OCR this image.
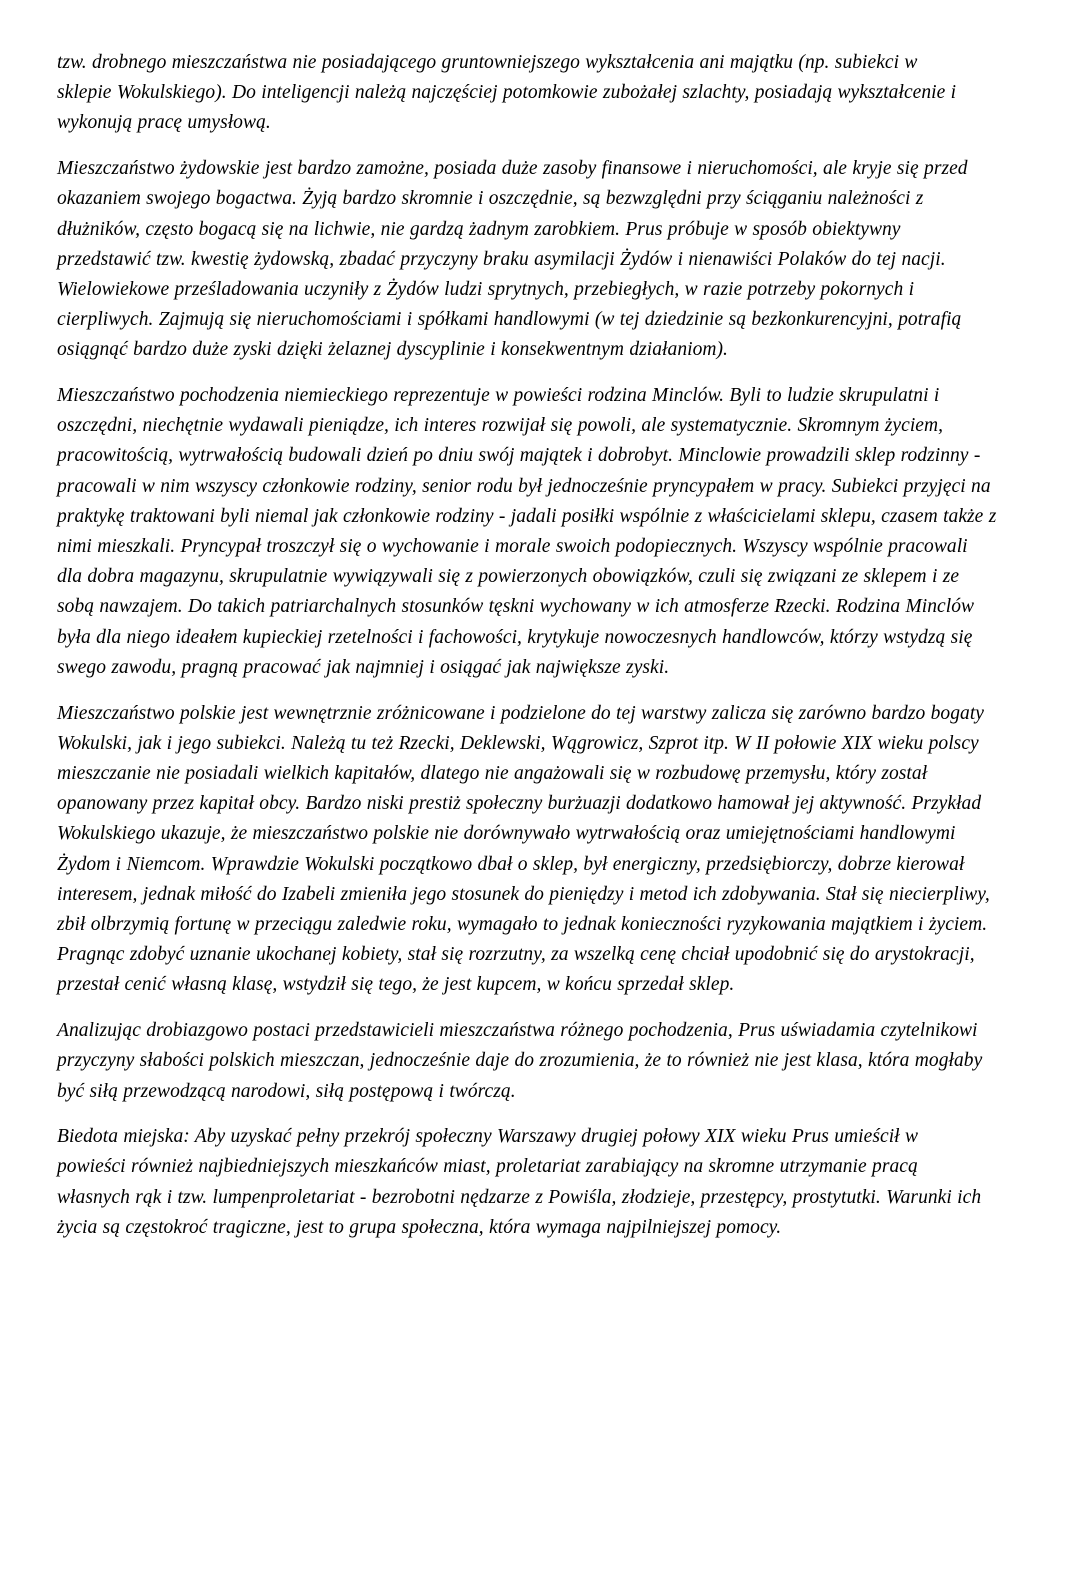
tzw. drobnego mieszczaństwa nie posiadającego gruntowniejszego wykształcenia ani majątku (np. subiekci w sklepie Wokulskiego). Do inteligencji należą najczęściej potomkowie zubożałej szlachty, posiadają wykształcenie i wykonują pracę umysłową.

Mieszczaństwo żydowskie jest bardzo zamożne, posiada duże zasoby finansowe i nieruchomości, ale kryje się przed okazaniem swojego bogactwa. Żyją bardzo skromnie i oszczędnie, są bezwzględni przy ściąganiu należności z dłużników, często bogacą się na lichwie, nie gardzą żadnym zarobkiem. Prus próbuje w sposób obiektywny przedstawić tzw. kwestię żydowską, zbadać przyczyny braku asymilacji Żydów i nienawiści Polaków do tej nacji. Wielowiekowe prześladowania uczyniły z Żydów ludzi sprytnych, przebiegłych, w razie potrzeby pokornych i cierpliwych. Zajmują się nieruchomościami i spółkami handlowymi (w tej dziedzinie są bezkonkurencyjni, potrafią osiągnąć bardzo duże zyski dzięki żelaznej dyscyplinie i konsekwentnym działaniom).

Mieszczaństwo pochodzenia niemieckiego reprezentuje w powieści rodzina Minclów. Byli to ludzie skrupulatni i oszczędni, niechętnie wydawali pieniądze, ich interes rozwijał się powoli, ale systematycznie. Skromnym życiem, pracowitością, wytrwałością budowali dzień po dniu swój majątek i dobrobyt. Minclowie prowadzili sklep rodzinny - pracowali w nim wszyscy członkowie rodziny, senior rodu był jednocześnie pryncypałem w pracy. Subiekci przyjęci na praktykę traktowani byli niemal jak członkowie rodziny - jadali posiłki wspólnie z właścicielami sklepu, czasem także z nimi mieszkali. Pryncypał troszczył się o wychowanie i morale swoich podopiecznych. Wszyscy wspólnie pracowali dla dobra magazynu, skrupulatnie wywiązywali się z powierzonych obowiązków, czuli się związani ze sklepem i ze sobą nawzajem. Do takich patriarchalnych stosunków tęskni wychowany w ich atmosferze Rzecki. Rodzina Minclów była dla niego ideałem kupieckiej rzetelności i fachowości, krytykuje nowoczesnych handlowców, którzy wstydzą się swego zawodu, pragną pracować jak najmniej i osiągać jak największe zyski.

Mieszczaństwo polskie jest wewnętrznie zróżnicowane i podzielone do tej warstwy zalicza się zarówno bardzo bogaty Wokulski, jak i jego subiekci. Należą tu też Rzecki, Deklewski, Wągrowicz, Szprot itp. W II połowie XIX wieku polscy mieszczanie nie posiadali wielkich kapitałów, dlatego nie angażowali się w rozbudowę przemysłu, który został opanowany przez kapitał obcy. Bardzo niski prestiż społeczny burżuazji dodatkowo hamował jej aktywność. Przykład Wokulskiego ukazuje, że mieszczaństwo polskie nie dorównywało wytrwałością oraz umiejętnościami handlowymi Żydom i Niemcom. Wprawdzie Wokulski początkowo dbał o sklep, był energiczny, przedsiębiorczy, dobrze kierował interesem, jednak miłość do Izabeli zmieniła jego stosunek do pieniędzy i metod ich zdobywania. Stał się niecierpliwy, zbił olbrzymią fortunę w przeciągu zaledwie roku, wymagało to jednak konieczności ryzykowania majątkiem i życiem. Pragnąc zdobyć uznanie ukochanej kobiety, stał się rozrzutny, za wszelką cenę chciał upodobnić się do arystokracji, przestał cenić własną klasę, wstydził się tego, że jest kupcem, w końcu sprzedał sklep.

Analizując drobiazgowo postaci przedstawicieli mieszczaństwa różnego pochodzenia, Prus uświadamia czytelnikowi przyczyny słabości polskich mieszczan, jednocześnie daje do zrozumienia, że to również nie jest klasa, która mogłaby być siłą przewodzącą narodowi, siłą postępową i twórczą.

Biedota miejska: Aby uzyskać pełny przekrój społeczny Warszawy drugiej połowy XIX wieku Prus umieścił w powieści również najbiedniejszych mieszkańców miast, proletariat zarabiający na skromne utrzymanie pracą własnych rąk i tzw. lumpenproletariat - bezrobotni nędzarze z Powiśla, złodzieje, przestępcy, prostytutki. Warunki ich życia są częstokroć tragiczne, jest to grupa społeczna, która wymaga najpilniejszej pomocy.
